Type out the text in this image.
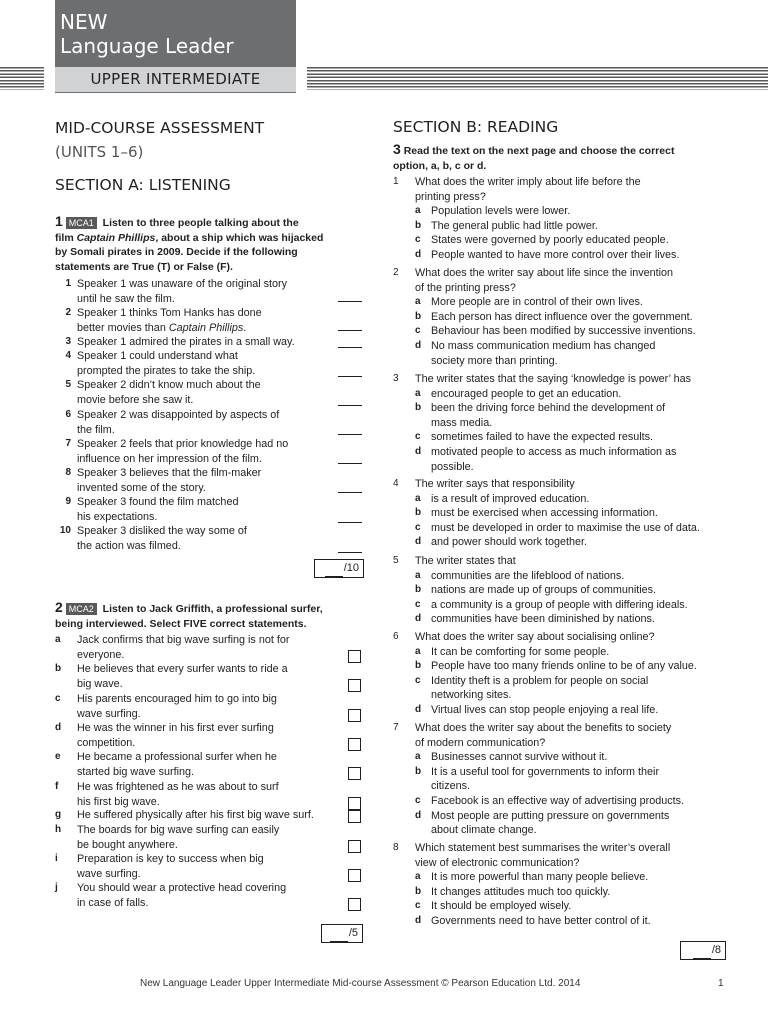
NEW
Language Leader
UPPER INTERMEDIATE
MID-COURSE ASSESSMENT
(UNITS 1–6)
SECTION A: LISTENING
1 MCA1 Listen to three people talking about the
film Captain Phillips, about a ship which was hijacked
by Somali pirates in 2009. Decide if the following
statements are True (T) or False (F).
1 Speaker 1 was unaware of the original story
until he saw the film.
2 Speaker 1 thinks Tom Hanks has done
better movies than Captain Phillips.
3 Speaker 1 admired the pirates in a small way.
4 Speaker 1 could understand what
prompted the pirates to take the ship.
5 Speaker 2 didn’t know much about the
movie before she saw it.
6 Speaker 2 was disappointed by aspects of
the film.
7 Speaker 2 feels that prior knowledge had no
influence on her impression of the film.
8 Speaker 3 believes that the film-maker
invented some of the story.
9 Speaker 3 found the film matched
his expectations.
10 Speaker 3 disliked the way some of
the action was filmed.
/10
2 MCA2 Listen to Jack Griffith, a professional surfer,
being interviewed. Select FIVE correct statements.
a Jack confirms that big wave surfing is not for
everyone.
b He believes that every surfer wants to ride a
big wave.
c His parents encouraged him to go into big
wave surfing.
d He was the winner in his first ever surfing
competition.
e He became a professional surfer when he
started big wave surfing.
f He was frightened as he was about to surf
his first big wave.
g He suffered physically after his first big wave surf.
h The boards for big wave surfing can easily
be bought anywhere.
i Preparation is key to success when big
wave surfing.
j You should wear a protective head covering
in case of falls.
/5
SECTION B: READING
3 Read the text on the next page and choose the correct
option, a, b, c or d.
1 What does the writer imply about life before the
printing press?
a Population levels were lower.
b The general public had little power.
c States were governed by poorly educated people.
d People wanted to have more control over their lives.
2 What does the writer say about life since the invention
of the printing press?
a More people are in control of their own lives.
b Each person has direct influence over the government.
c Behaviour has been modified by successive inventions.
d No mass communication medium has changed
society more than printing.
3 The writer states that the saying ‘knowledge is power’ has
a encouraged people to get an education.
b been the driving force behind the development of
mass media.
c sometimes failed to have the expected results.
d motivated people to access as much information as
possible.
4 The writer says that responsibility
a is a result of improved education.
b must be exercised when accessing information.
c must be developed in order to maximise the use of data.
d and power should work together.
5 The writer states that
a communities are the lifeblood of nations.
b nations are made up of groups of communities.
c a community is a group of people with differing ideals.
d communities have been diminished by nations.
6 What does the writer say about socialising online?
a It can be comforting for some people.
b People have too many friends online to be of any value.
c Identity theft is a problem for people on social
networking sites.
d Virtual lives can stop people enjoying a real life.
7 What does the writer say about the benefits to society
of modern communication?
a Businesses cannot survive without it.
b It is a useful tool for governments to inform their
citizens.
c Facebook is an effective way of advertising products.
d Most people are putting pressure on governments
about climate change.
8 Which statement best summarises the writer’s overall
view of electronic communication?
a It is more powerful than many people believe.
b It changes attitudes much too quickly.
c It should be employed wisely.
d Governments need to have better control of it.
/8
New Language Leader Upper Intermediate Mid-course Assessment © Pearson Education Ltd. 2014	1
